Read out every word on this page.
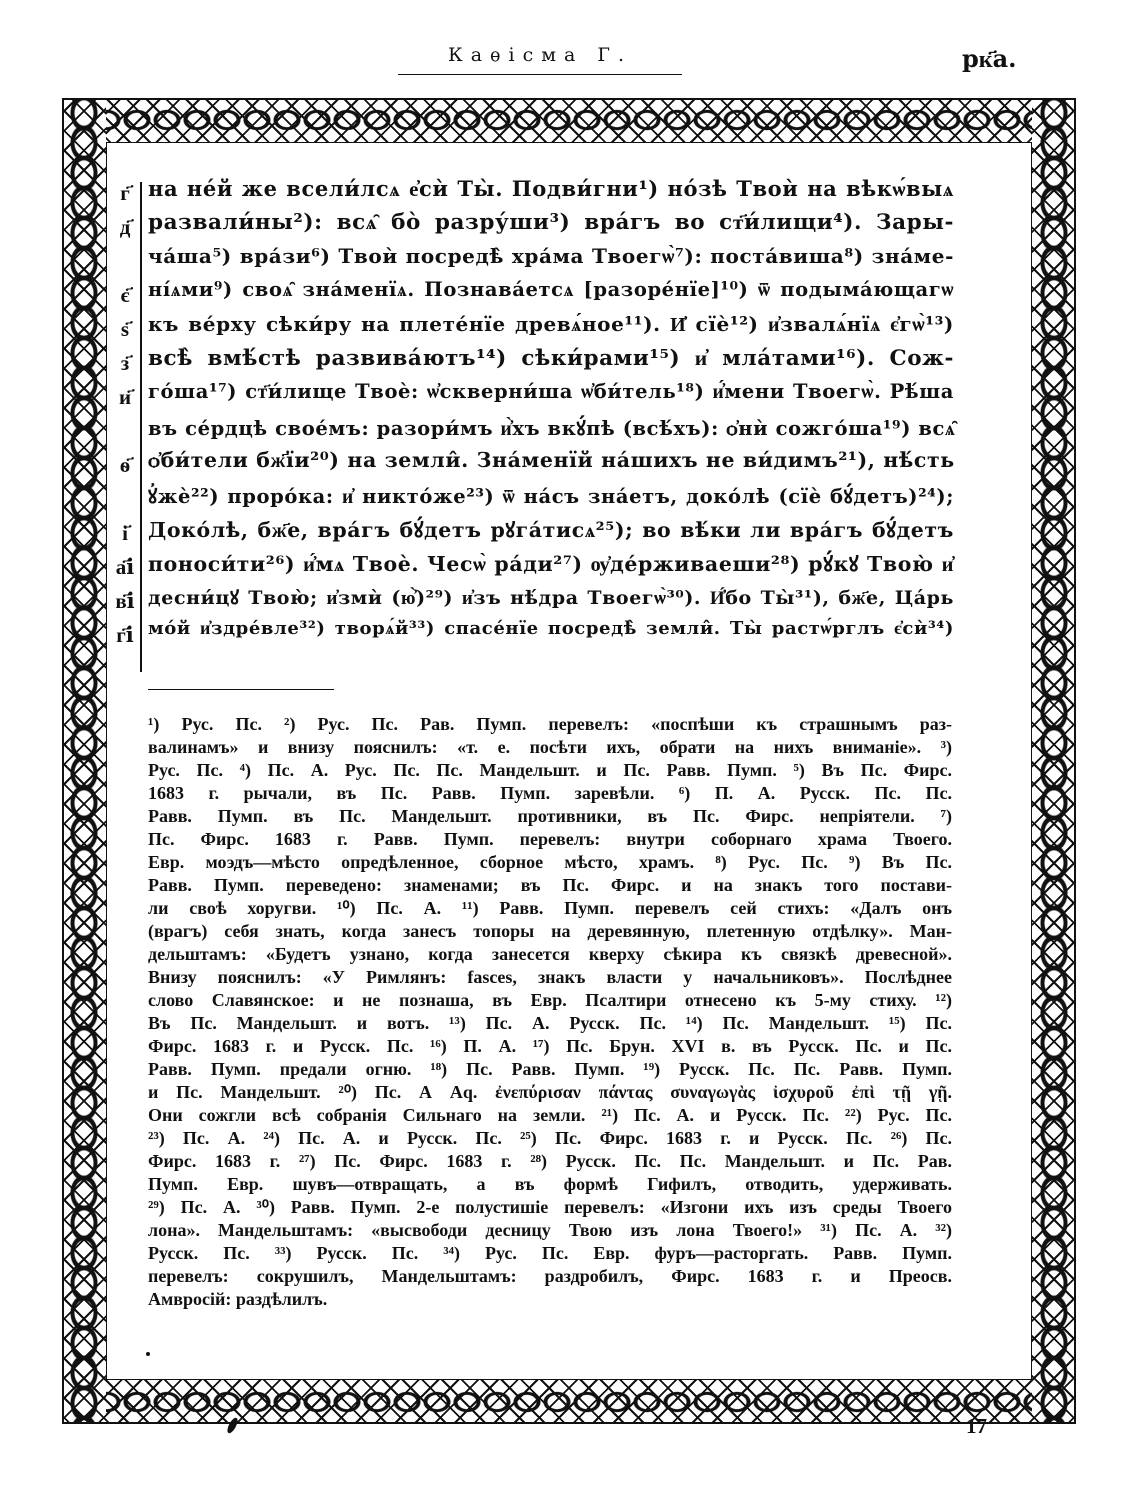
Каѳісма Г.	рк҃а.
г҃ на не́й же всели́лсѧ е҆сѝ Ты̀. Подви́гни¹) но́зѣ Твоѝ на вѣкѡ́выѧ
д҃ развали́ны²): всѧ̑ бо̀ разру́ши³) вра́гъ во ст҃и́лищи⁴). Зары-
ча́ша⁵) вра́зи⁶) Твоѝ посредѣ̀ хра́ма Твоегѡ̀⁷): поста́виша⁸) зна́ме-
є҃ ні́ѧми⁹) своѧ̑ зна́менїѧ. Познава́етсѧ [разоре́нїе]¹⁰) ѿ подыма́ющагѡ
ѕ҃ къ ве́рху сѣки́ру на плете́нїе древѧ́ное¹¹). И҆ сїѐ¹²) и҆звалѧ́нїѧ є҆гѡ̀¹³)
з҃ всѣ̀ вмѣ́стѣ развива́ютъ¹⁴) сѣки́рами¹⁵) и҆ мла́тами¹⁶). Сож-
и҃ го́ша¹⁷) ст҃и́лище Твоѐ: ѡ҆скверни́ша ѡ҆би́тель¹⁸) и҆́мени Твоегѡ̀. Рѣ́ша
въ се́рдцѣ свое́мъ: разори́мъ и҆̀хъ вкꙋ́пѣ (всѣ́хъ): ѻ҆нѝ сожго́ша¹⁹) всѧ̑
ѳ҃ ѻ҆би́тели бж҃їи²⁰) на земли̂. Зна́менїй на́шихъ не ви́димъ²¹), нѣ́сть
ꙋ҆жѐ²²) проро́ка: и҆ никто́же²³) ѿ на́съ зна́етъ, доко́лѣ (сїѐ бꙋ́детъ)²⁴);
і҃ Доко́лѣ, бж҃е, вра́гъ бꙋ́детъ рꙋга́тисѧ²⁵); во вѣ́ки ли вра́гъ бꙋ́детъ
а҃і поноси́ти²⁶) и҆́мѧ Твоѐ. Чесѡ̀ ра́ди²⁷) ѹ҆де́рживаеши²⁸) рꙋ́кꙋ Твою̀ и҆
в҃і десни́цꙋ Твою̀; и҆змѝ (ю҆̀)²⁹) и҆зъ нѣ́дра Твоегѡ̀³⁰). И҆́бо Ты̀³¹), бж҃е, Ца́рь
г҃і мо́й и҆здре́вле³²) творѧ́й³³) спасе́нїе посредѣ̀ земли̂. Ты̀ растѡ́рглъ є҆сѝ³⁴)
¹) Рус. Пс. ²) Рус. Пс. Рав. Пумп. перевелъ: «поспѣши къ страшнымъ раз-
валинамъ» и внизу пояснилъ: «т. е. посѣти ихъ, обрати на нихъ вниманіе». ³)
Рус. Пс. ⁴) Пс. А. Рус. Пс. Пс. Мандельшт. и Пс. Равв. Пумп. ⁵) Въ Пс. Фирс.
1683 г. рычали, въ Пс. Равв. Пумп. заревѣли. ⁶) П. А. Русск. Пс. Пс.
Равв. Пумп. въ Пс. Мандельшт. противники, въ Пс. Фирс. непріятели. ⁷)
Пс. Фирс. 1683 г. Равв. Пумп. перевелъ: внутри соборнаго храма Твоего.
Евр. моэдъ—мѣсто опредѣленное, сборное мѣсто, храмъ. ⁸) Рус. Пс. ⁹) Въ Пс.
Равв. Пумп. переведено: знаменами; въ Пс. Фирс. и на знакъ того постави-
ли своѣ хоругви. ¹⁰) Пс. А. ¹¹) Равв. Пумп. перевелъ сей стихъ: «Далъ онъ
(врагъ) себя знать, когда занесъ топоры на деревянную, плетенную отдѣлку». Ман-
дельштамъ: «Будетъ узнано, когда занесется кверху сѣкира къ связкѣ древесной».
Внизу пояснилъ: «У Римлянъ: fasces, знакъ власти у начальниковъ». Послѣднее
слово Славянское: и не познаша, въ Евр. Псалтири отнесено къ 5-му стиху. ¹²)
Въ Пс. Мандельшт. и вотъ. ¹³) Пс. А. Русск. Пс. ¹⁴) Пс. Мандельшт. ¹⁵) Пс.
Фирс. 1683 г. и Русск. Пс. ¹⁶) П. А. ¹⁷) Пс. Брун. XVI в. въ Русск. Пс. и Пс.
Равв. Пумп. предали огню. ¹⁸) Пс. Равв. Пумп. ¹⁹) Русск. Пс. Пс. Равв. Пумп.
и Пс. Мандельшт. ²⁰) Пс. А Aq. ἐνεπύρισαν πάντας συναγωγὰς ἰσχυροῦ ἐπὶ τῇ γῇ.
Они сожгли всѣ собранія Сильнаго на земли. ²¹) Пс. А. и Русск. Пс. ²²) Рус. Пс.
²³) Пс. А. ²⁴) Пс. А. и Русск. Пс. ²⁵) Пс. Фирс. 1683 г. и Русск. Пс. ²⁶) Пс.
Фирс. 1683 г. ²⁷) Пс. Фирс. 1683 г. ²⁸) Русск. Пс. Пс. Мандельшт. и Пс. Рав.
Пумп. Евр. шувъ—отвращать, а въ формѣ Гифилъ, отводить, удерживать.
²⁹) Пс. А. ³⁰) Равв. Пумп. 2-е полустишіе перевелъ: «Изгони ихъ изъ среды Твоего
лона». Мандельштамъ: «высвободи десницу Твою изъ лона Твоего!» ³¹) Пс. А. ³²)
Русск. Пс. ³³) Русск. Пс. ³⁴) Рус. Пс. Евр. фуръ—расторгать. Равв. Пумп.
перевелъ: сокрушилъ, Мандельштамъ: раздробилъ, Фирс. 1683 г. и Преосв.
Амвросій: раздѣлилъ.
17
